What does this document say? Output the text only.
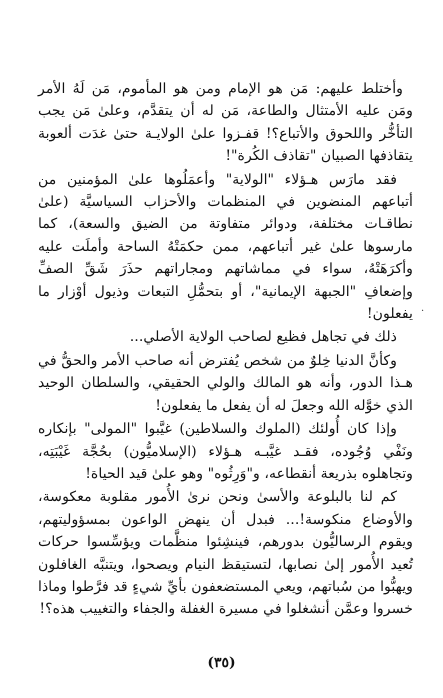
وأختلط عليهم: مَن هو الإمام ومن هو المأموم، مَن لَهُ الأمر ومَن عليه الأمتثال والطاعة، مَن له أن يتقدَّم، وعلىٰ مَن يجب التأخُّر واللحوق والأتباع؟! قفـزوا علىٰ الولايـة حتىٰ غدَت ألعوبة يتقاذفها الصبيان "تقاذف الكُرة"!

فقد مارَس هـؤلاء "الولاية" وأعمَلُوها علىٰ المؤمنين من أتباعهم المنضوين في المنظمات والأحزاب السياسيَّة (علىٰ نطاقـات مختلفة، ودوائر متفاوتة من الضيق والسعة)، كما مارسوها علىٰ غير أتباعهم، ممن حكمَتْهُ الساحة وأملَت عليه وأكرَهَتْهُ، سواء في مماشاتهم ومجاراتهم حذَرَ شَقِّ الصفِّ وإضعافِ "الجبهة الإيمانية"، أو بتحمُّلِ التبعات وذيول أوْزار ما يفعلون!

ذلك في تجاهل فظيع لصاحب الولاية الأصلي...

وكأنَّ الدنيا خِلوٌ من شخص يُفترض أنه صاحب الأمر والحقُّ في هـذا الدور، وأنه هو المالك والولي الحقيقي، والسلطان الوحيد الذي خوَّله الله وجعلَ له أن يفعل ما يفعلون!

وإذا كان أُولئك (الملوك والسلاطين) غيَّبوا "المولى" بإنكاره ونَفْي وُجُوده، فقـد غيَّبـه هـؤلاء (الإسلاميُّون) بحُجَّة غَيْبَتِه، وتجاهلوه بذريعة أنقطاعه، و"وَرِثُوه" وهو علىٰ قيد الحياة!

كم لنا بالبلوعة والأسىٰ ونحن نرىٰ الأُمور مقلوبة معكوسة، والأوضاع منكوسة!... فبدل أن ينهض الواعون بمسؤوليتهم، ويقوم الرساليُّون بدورهم، فينشِئوا منظَّمات ويؤسِّسوا حركات تُعيد الأُمور إلىٰ نصابها، لتستيقظ النيام ويصحوا، ويتنبَّه الغافلون ويهبُّوا من سُباتهم، ويعي المستضعفون بأيِّ شيءٍ قد فرَّطوا وماذا خسروا وعمَّن أنشغلوا في مسيرة الغفلة والجفاء والتغييب هذه؟!

·
(٣٥)
